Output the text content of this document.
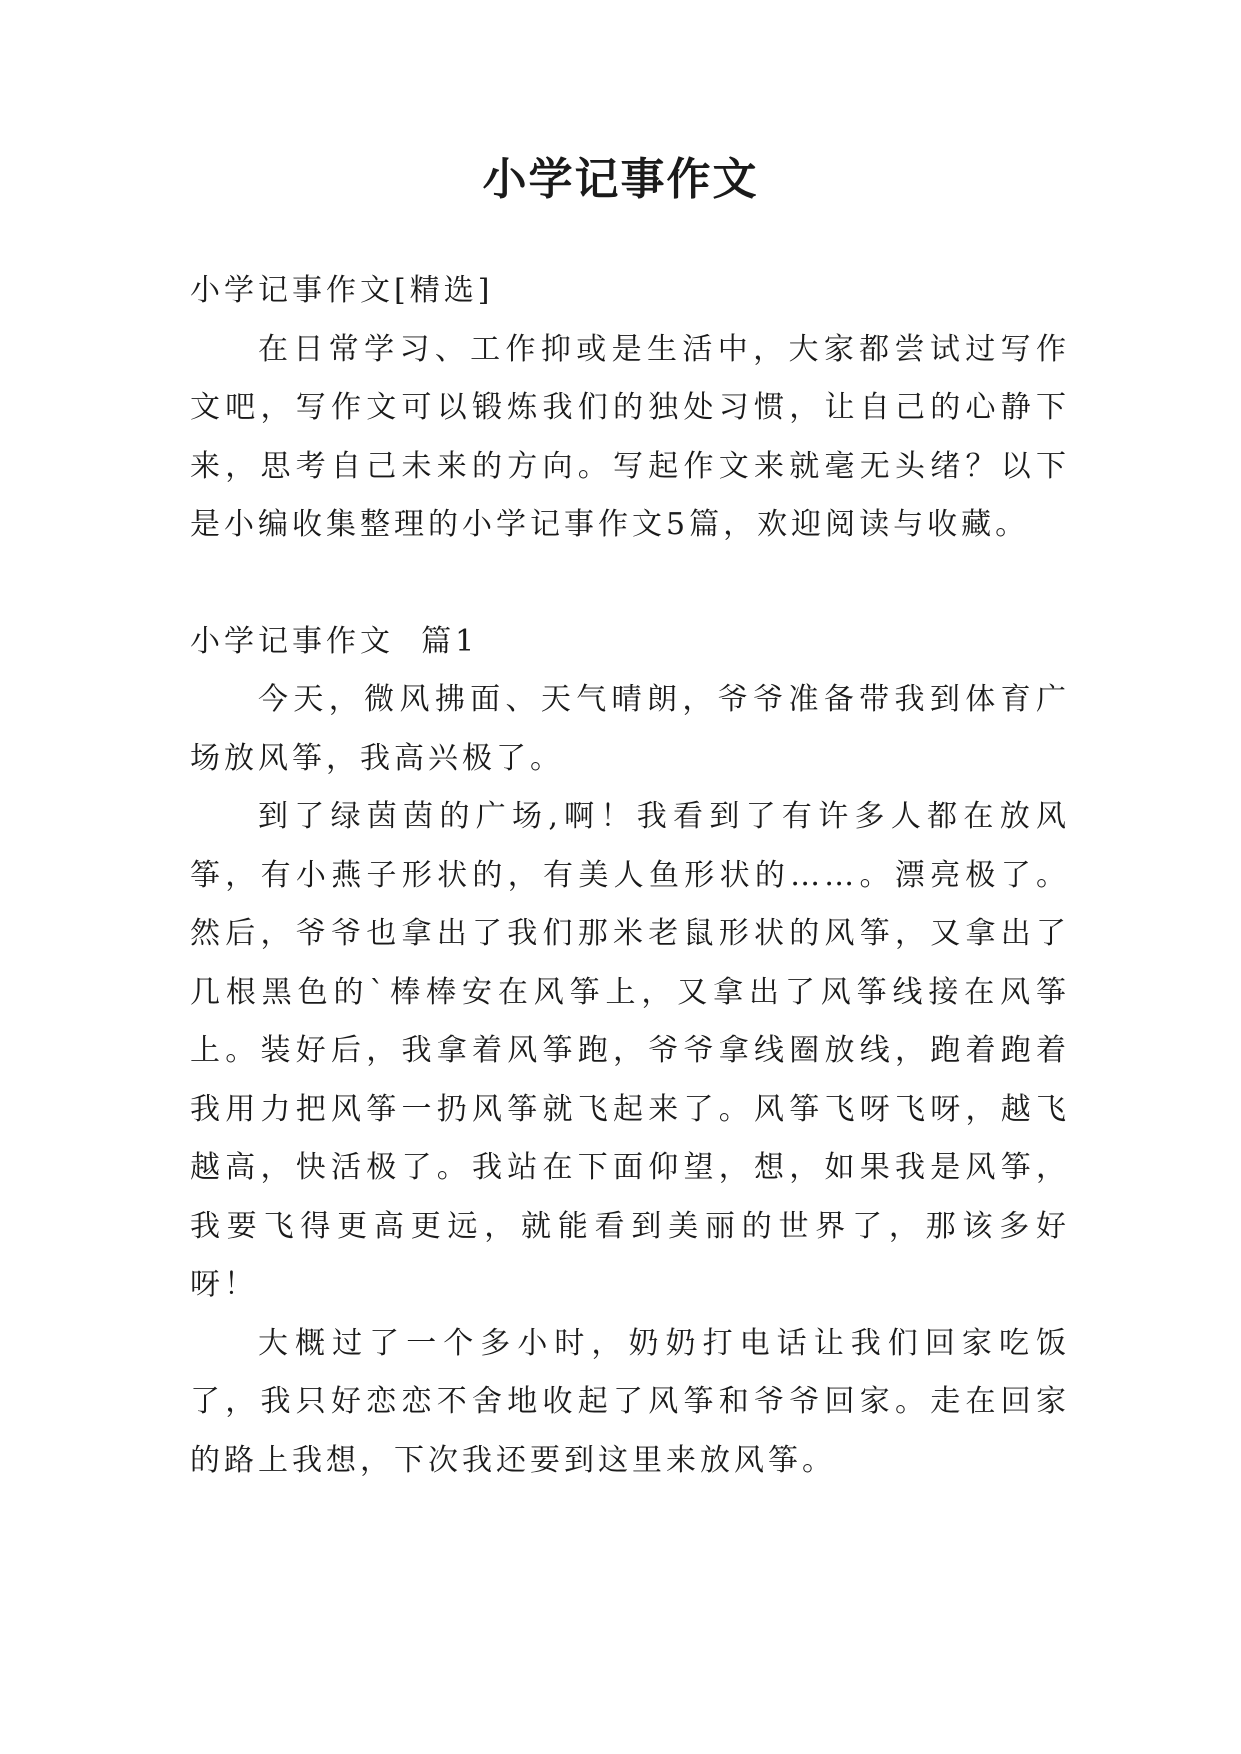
小学记事作文
小学记事作文[精选]

在日常学习、工作抑或是生活中，大家都尝试过写作文吧，写作文可以锻炼我们的独处习惯，让自己的心静下来，思考自己未来的方向。写起作文来就毫无头绪？以下是小编收集整理的小学记事作文5篇，欢迎阅读与收藏。

小学记事作文  篇1

今天，微风拂面、天气晴朗，爷爷准备带我到体育广场放风筝，我高兴极了。

到了绿茵茵的广场,啊！我看到了有许多人都在放风筝，有小燕子形状的，有美人鱼形状的……。漂亮极了。然后，爷爷也拿出了我们那米老鼠形状的风筝，又拿出了几根黑色的`棒棒安在风筝上，又拿出了风筝线接在风筝上。装好后，我拿着风筝跑，爷爷拿线圈放线，跑着跑着我用力把风筝一扔风筝就飞起来了。风筝飞呀飞呀，越飞越高，快活极了。我站在下面仰望，想，如果我是风筝，我要飞得更高更远，就能看到美丽的世界了，那该多好呀！

大概过了一个多小时，奶奶打电话让我们回家吃饭了，我只好恋恋不舍地收起了风筝和爷爷回家。走在回家的路上我想，下次我还要到这里来放风筝。
